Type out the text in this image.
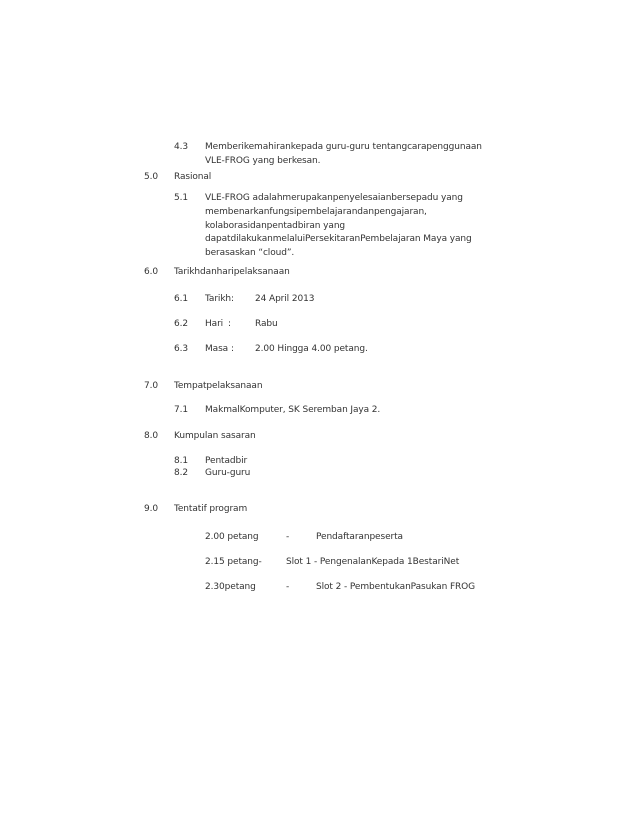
4.3 Memberikemahirankepada guru-guru tentangcarapenggunaan
VLE-FROG yang berkesan.
5.0 Rasional
5.1 VLE-FROG adalahmerupakanpenyelesaianbersepadu yang
membenarkanfungsipembelajarandanpengajaran,
kolaborasidanpentadbiran yang
dapatdilakukanmelaluiPersekitaranPembelajaran Maya yang
berasaskan “cloud”.
6.0 Tarikhdanharipelaksanaan
6.1 Tarikh : 24 April 2013
6.2 Hari :	Rabu
6.3 Masa : 2.00 Hingga 4.00 petang.
7.0 Tempatpelaksanaan
7.1 MakmalKomputer, SK Seremban Jaya 2.
8.0 Kumpulan sasaran
8.1 Pentadbir
8.2 Guru-guru
9.0 Tentatif program
2.00 petang	-	Pendaftaranpeserta
2.15 petang-	Slot 1 - PengenalanKepada 1BestariNet
2.30petang	-	Slot 2 - PembentukanPasukan FROG
